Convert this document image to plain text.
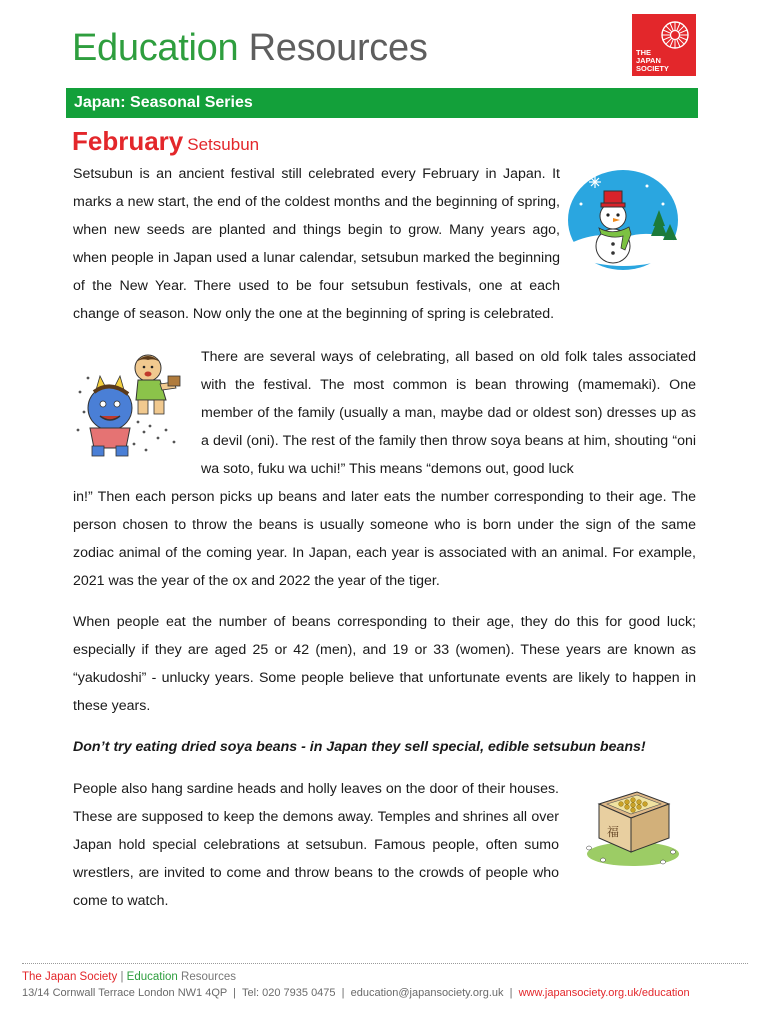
Education Resources	THE
JAPAN
SOCIETY
Japan: Seasonal Series
February Setsubun

Setsubun is an ancient festival still celebrated every February in Japan. It marks a new start, the end of the coldest months and the beginning of spring, when new seeds are planted and things begin to grow. Many years ago, when people in Japan used a lunar calendar, setsubun marked the beginning of the New Year. There used to be four setsubun festivals, one at each change of season. Now only the one at the beginning of spring is celebrated.

There are several ways of celebrating, all based on old folk tales associated with the festival. The most common is bean throwing (mamemaki). One member of the family (usually a man, maybe dad or oldest son) dresses up as a devil (oni). The rest of the family then throw soya beans at him, shouting “oni wa soto, fuku wa uchi!” This means “demons out, good luck

in!” Then each person picks up beans and later eats the number corresponding to their age. The person chosen to throw the beans is usually someone who is born under the sign of the same zodiac animal of the coming year. In Japan, each year is associated with an animal. For example, 2021 was the year of the ox and 2022 the year of the tiger.

When people eat the number of beans corresponding to their age, they do this for good luck; especially if they are aged 25 or 42 (men), and 19 or 33 (women). These years are known as “yakudoshi” - unlucky years. Some people believe that unfortunate events are likely to happen in these years.

Don’t try eating dried soya beans - in Japan they sell special, edible setsubun beans!

People also hang sardine heads and holly leaves on the door of their houses. These are supposed to keep the demons away. Temples and shrines all over Japan hold special celebrations at setsubun. Famous people, often sumo wrestlers, are invited to come and throw beans to the crowds of people who come to watch.

福
The Japan Society | Education Resources
13/14 Cornwall Terrace London NW1 4QP | Tel: 020 7935 0475 | education@japansociety.org.uk | www.japansociety.org.uk/education
